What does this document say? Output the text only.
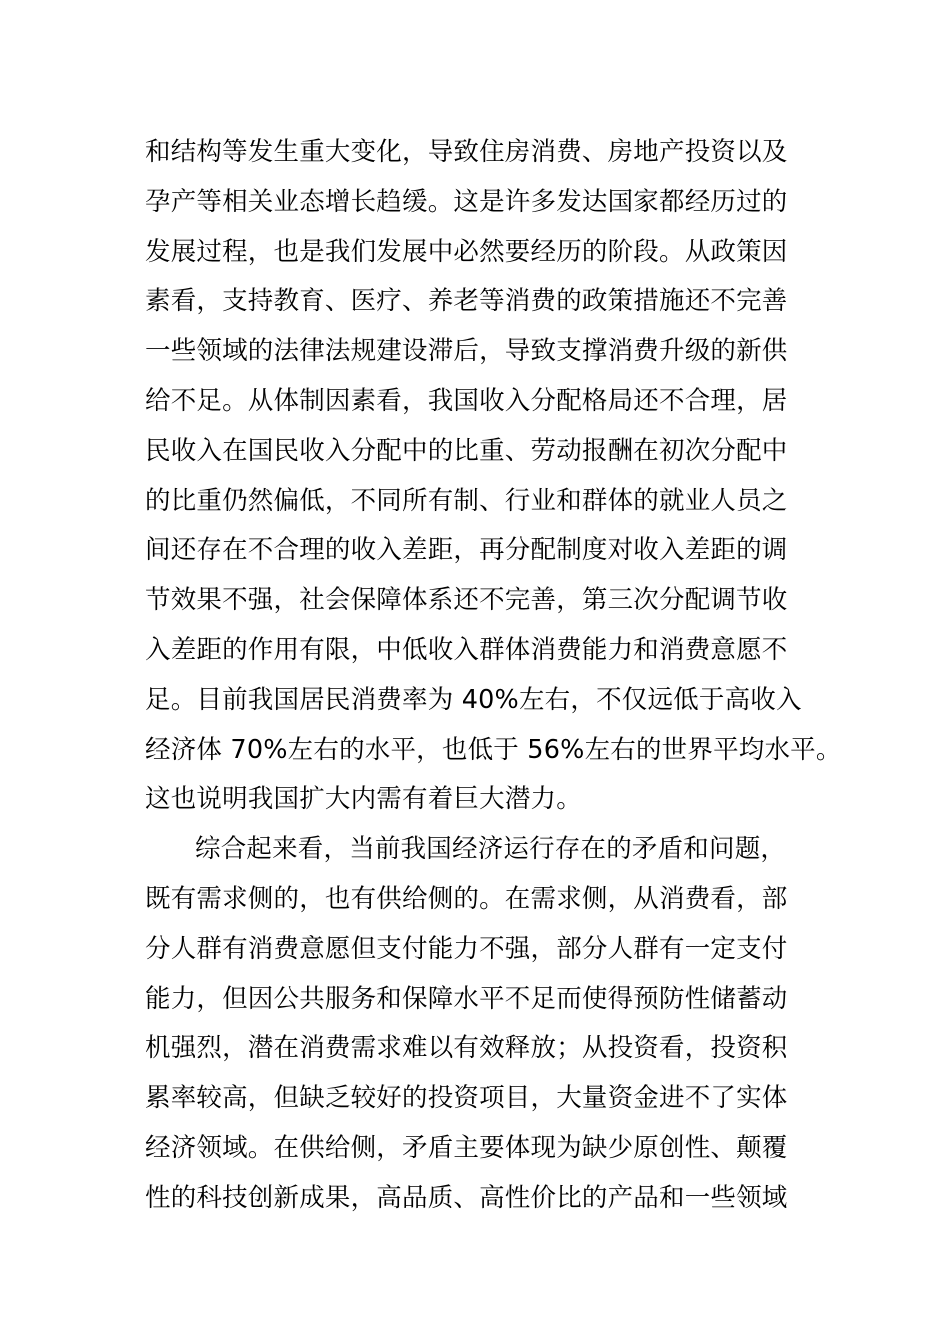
和结构等发生重大变化，导致住房消费、房地产投资以及
孕产等相关业态增长趋缓。这是许多发达国家都经历过的
发展过程，也是我们发展中必然要经历的阶段。从政策因
素看，支持教育、医疗、养老等消费的政策措施还不完善
一些领域的法律法规建设滞后，导致支撑消费升级的新供
给不足。从体制因素看，我国收入分配格局还不合理，居
民收入在国民收入分配中的比重、劳动报酬在初次分配中
的比重仍然偏低，不同所有制、行业和群体的就业人员之
间还存在不合理的收入差距，再分配制度对收入差距的调
节效果不强，社会保障体系还不完善，第三次分配调节收
入差距的作用有限，中低收入群体消费能力和消费意愿不
足。目前我国居民消费率为 40%左右，不仅远低于高收入
经济体 70%左右的水平，也低于 56%左右的世界平均水平。
这也说明我国扩大内需有着巨大潜力。
综合起来看，当前我国经济运行存在的矛盾和问题，
既有需求侧的，也有供给侧的。在需求侧，从消费看，部
分人群有消费意愿但支付能力不强，部分人群有一定支付
能力，但因公共服务和保障水平不足而使得预防性储蓄动
机强烈，潜在消费需求难以有效释放；从投资看，投资积
累率较高，但缺乏较好的投资项目，大量资金进不了实体
经济领域。在供给侧，矛盾主要体现为缺少原创性、颠覆
性的科技创新成果，高品质、高性价比的产品和一些领域
